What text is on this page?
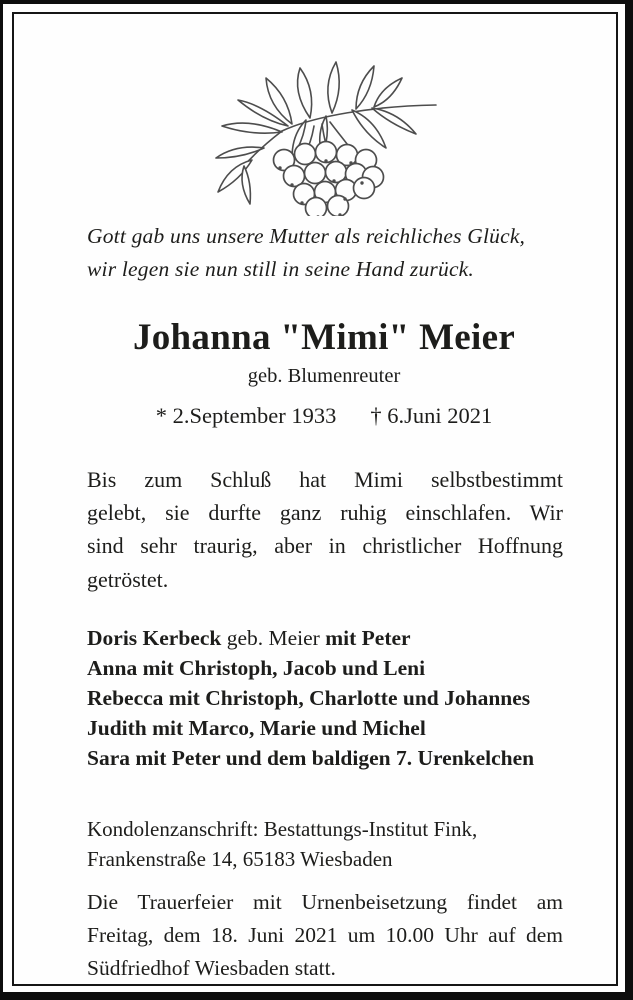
Gott gab uns unsere Mutter als reichliches Glück,
wir legen sie nun still in seine Hand zurück.
Johanna "Mimi" Meier
geb. Blumenreuter
* 2.September 1933 † 6.Juni 2021
Bis zum Schluß hat Mimi selbstbestimmt
gelebt, sie durfte ganz ruhig einschlafen. Wir
sind sehr traurig, aber in christlicher Hoffnung
getröstet.
Doris Kerbeck geb. Meier mit Peter
Anna mit Christoph, Jacob und Leni
Rebecca mit Christoph, Charlotte und Johannes
Judith mit Marco, Marie und Michel
Sara mit Peter und dem baldigen 7. Urenkelchen
Kondolenzanschrift: Bestattungs-Institut Fink,
Frankenstraße 14, 65183 Wiesbaden
Die Trauerfeier mit Urnenbeisetzung findet am
Freitag, dem 18. Juni 2021 um 10.00 Uhr auf dem
Südfriedhof Wiesbaden statt.
